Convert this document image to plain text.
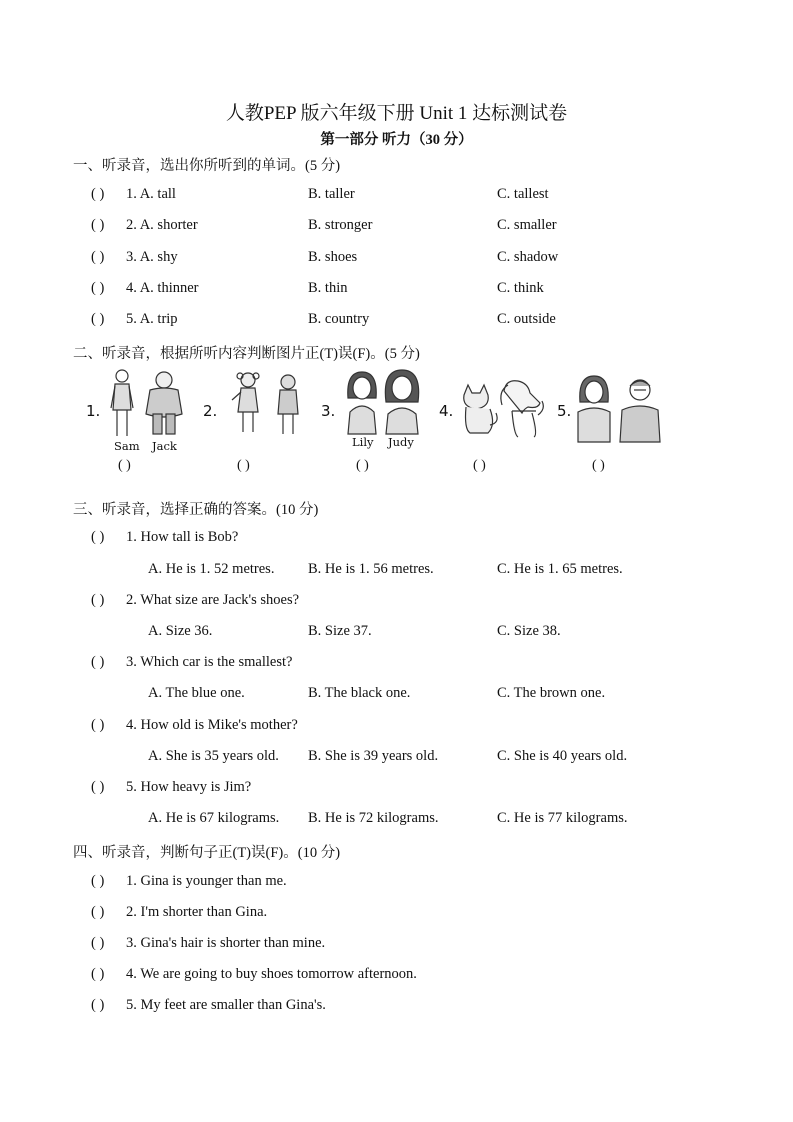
人教PEP 版六年级下册 Unit 1 达标测试卷
第一部分 听力（30 分）
一、听录音，选出你所听到的单词。(5 分)
( ) 1. A. tall	B. taller	C. tallest
( ) 2. A. shorter	B. stronger	C. smaller
( ) 3. A. shy	B. shoes	C. shadow
( ) 4. A. thinner	B. thin	C. think
( ) 5. A. trip	B. country	C. outside
二、听录音，根据所听内容判断图片正(T)误(F)。(5 分)
1.
Sam Jack
2.	3.
Lily Judy
4.	5.
( )	( )	( )	( )	( )
三、听录音，选择正确的答案。(10 分)
( ) 1. How tall is Bob?
A. He is 1. 52 metres. B. He is 1. 56 metres.	C. He is 1. 65 metres.
( ) 2. What size are Jack's shoes?
A. Size 36.	B. Size 37.	C. Size 38.
( ) 3. Which car is the smallest?
A. The blue one.	B. The black one.	C. The brown one.
( ) 4. How old is Mike's mother?
A. She is 35 years old. B. She is 39 years old.	C. She is 40 years old.
( ) 5. How heavy is Jim?
A. He is 67 kilograms. B. He is 72 kilograms.	C. He is 77 kilograms.
四、听录音，判断句子正(T)误(F)。(10 分)
( ) 1. Gina is younger than me.
( ) 2. I'm shorter than Gina.
( ) 3. Gina's hair is shorter than mine.
( ) 4. We are going to buy shoes tomorrow afternoon.
( ) 5. My feet are smaller than Gina's.
